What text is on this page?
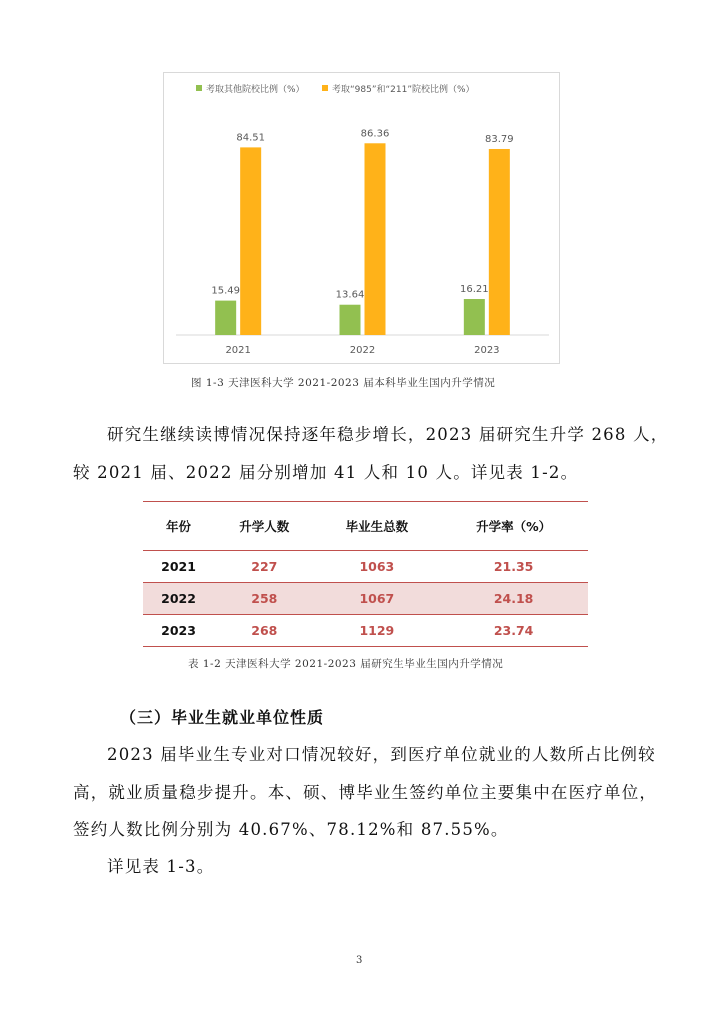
考取其他院校比例（%）	考取“985”和“211”院校比例（%）
15.49
84.51
2021
13.64
86.36
2022
16.21
83.79
2023
图 1-3 天津医科大学 2021-2023 届本科毕业生国内升学情况
研究生继续读博情况保持逐年稳步增长，2023 届研究生升学 268 人，
较 2021 届、2022 届分别增加 41 人和 10 人。详见表 1-2。
年份	升学人数	毕业生总数	升学率（%）
2021	227	1063	21.35
2022	258	1067	24.18
2023	268	1129	23.74
表 1-2 天津医科大学 2021-2023 届研究生毕业生国内升学情况
（三）毕业生就业单位性质
2023 届毕业生专业对口情况较好，到医疗单位就业的人数所占比例较
高，就业质量稳步提升。本、硕、博毕业生签约单位主要集中在医疗单位，
签约人数比例分别为 40.67%、78.12%和 87.55%。
详见表 1-3。
3
